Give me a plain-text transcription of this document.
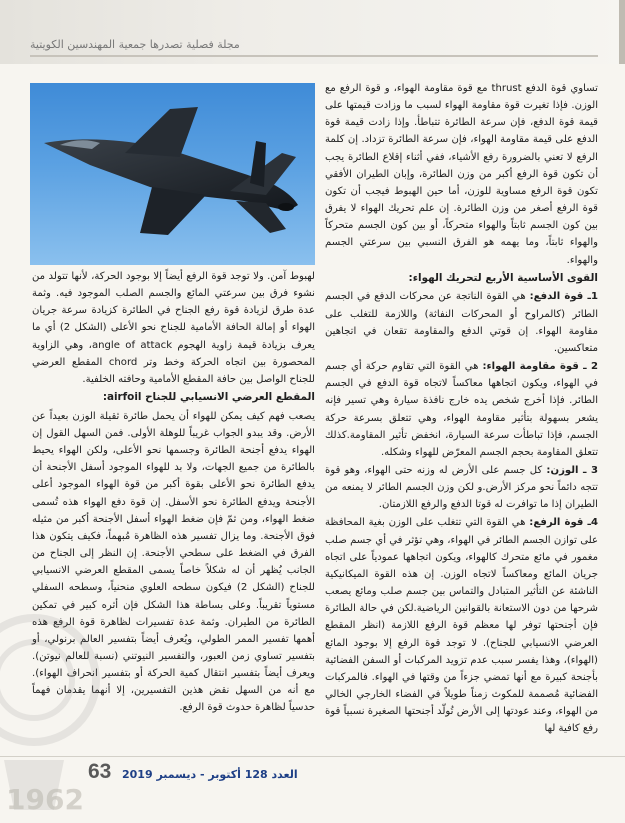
مجلة فصلية تصدرها جمعية المهندسين الكويتية

تساوي قوة الدفع thrust مع قوة مقاومة الهواء، و قوة الرفع مع الوزن. فإذا تغيرت قوة مقاومة الهواء لسبب ما وزادت قيمتها على قيمة قوة الدفع، فإن سرعة الطائرة تتباطأ. وإذا زادت قيمة قوة الدفع على قيمة مقاومة الهواء، فإن سرعة الطائرة تزداد. إن كلمة الرفع لا تعني بالضرورة رفع الأشياء، ففي أثناء إقلاع الطائرة يجب أن تكون قوة الرفع أكبر من وزن الطائرة، وإبان الطيران الأفقي تكون قوة الرفع مساوية للوزن، أما حين الهبوط فيجب أن تكون قوة الرفع أصغر من وزن الطائرة. إن علم تحريك الهواء لا يفرق بين كون الجسم ثابتاً والهواء متحركاً، أو بين كون الجسم متحركاً والهواء ثابتاً، وما يهمه هو الفرق النسبي بين سرعتي الجسم والهواء.

القوى الأساسية الأربع لتحريك الهواء:

1ـ قوة الدفع: هي القوة الناتجة عن محركات الدفع في الجسم الطائر (كالمراوح أو المحركات النفاثة) واللازمة للتغلب على مقاومة الهواء. إن قوتي الدفع والمقاومة تقعان في اتجاهين متعاكسين.

2 ـ قوة مقاومة الهواء: هي القوة التي تقاوم حركة أي جسم في الهواء، ويكون اتجاهها معاكساً لاتجاه قوة الدفع في الجسم الطائر. فإذا أخرج شخص يده خارج نافذة سيارة وهي تسير فإنه يشعر بسهولة بتأثير مقاومة الهواء، وهي تتعلق بسرعة حركة الجسم، فإذا تباطأت سرعة السيارة، انخفض تأثير المقاومة.كذلك تتعلق المقاومة بحجم الجسم المعرّض للهواء وشكله.

3 ـ الوزن: كل جسم على الأرض له وزنه حتى الهواء، وهو قوة تتجه دائماً نحو مركز الأرض.و لكن وزن الجسم الطائر لا يمنعه من الطيران إذا ما توافرت له قوتا الدفع والرفع اللازمتان.

4ـ قوة الرفع: هي القوة التي تتغلب على الوزن بغية المحافظة على توازن الجسم الطائر في الهواء، وهي تؤثر في أي جسم صلب مغمور في مائع متحرك كالهواء، ويكون اتجاهها عمودياً على اتجاه جريان المائع ومعاكساً لاتجاه الوزن. إن هذه القوة الميكانيكية الناشئة عن التأثير المتبادل والتماس بين جسم صلب ومائع يصعب شرحها من دون الاستعانة بالقوانين الرياضية.لكن في حالة الطائرة فإن أجنحتها توفر لها معظم قوة الرفع اللازمة (انظر المقطع العرضي الانسيابي للجناح). لا توجد قوة الرفع إلا بوجود المائع (الهواء)، وهذا يفسر سبب عدم تزويد المركبات أو السفن الفضائية بأجنحة كبيرة مع أنها تمضي جزءاً من وقتها في الهواء. فالمركبات الفضائية مُصممة للمكوث زمناً طويلاً في الفضاء الخارجي الخالي من الهواء، وعند عودتها إلى الأرض تُولّد أجنحتها الصغيرة نسبياً قوة رفع كافية لها

لهبوط آمن. ولا توجد قوة الرفع أيضاً إلا بوجود الحركة، لأنها تتولد من نشوء فرق بين سرعتي المائع والجسم الصلب الموجود فيه. وثمة عدة طرق لزيادة قوة رفع الجناح في الطائرة كزيادة سرعة جريان الهواء أو إمالة الحافة الأمامية للجناح نحو الأعلى (الشكل 2) أي ما يعرف بزيادة قيمة زاوية الهجوم angle of attack، وهي الزاوية المحصورة بين اتجاه الحركة وخط وتر chord المقطع العرضي للجناح الواصل بين حافة المقطع الأمامية وحافته الخلفية.

المقطع العرضي الانسيابي للجناح airfoil:

يصعب فهم كيف يمكن للهواء أن يحمل طائرة ثقيلة الوزن بعيداً عن الأرض. وقد يبدو الجواب غريباً للوهلة الأولى. فمن السهل القول إن الهواء يدفع أجنحة الطائرة وجسمها نحو الأعلى، ولكن الهواء يحيط بالطائرة من جميع الجهات، ولا بد للهواء الموجود أسفل الأجنحة أن يدفع الطائرة نحو الأعلى بقوة أكبر من قوة الهواء الموجود أعلى الأجنحة ويدفع الطائرة نحو الأسفل. إن قوة دفع الهواء هذه تُسمى ضغط الهواء، ومن ثمّ فإن ضغط الهواء أسفل الأجنحة أكبر من مثيله فوق الأجنحة. وما يزال تفسير هذه الظاهرة مُبهماً، فكيف يتكون هذا الفرق في الضغط على سطحي الأجنحة. إن النظر إلى الجناح من الجانب يُظهر أن له شكلاً خاصاً يسمى المقطع العرضي الانسيابي للجناح (الشكل 2) فيكون سطحه العلوي منحنياً، وسطحه السفلي مستوياً تقريباً. وعلى بساطة هذا الشكل فإن أثره كبير في تمكين الطائرة من الطيران. وثمة عدة تفسيرات لظاهرة قوة الرفع هذه أهمها تفسير الممر الطولي، ويُعرف أيضاً بتفسير العالم برنولي، أو بتفسير تساوي زمن العبور، والتفسير النيوتني (نسبة للعالم نيوتن). ويعرف أيضاً بتفسير انتقال كمية الحركة أو بتفسير انحراف الهواء). مع أنه من السهل نقض هذين التفسيرين، إلا أنهما يقدمان فهماً حدسياً لظاهرة حدوث قوة الرفع.

1962
63 العدد 128 أكتوبر - ديسمبر 2019
